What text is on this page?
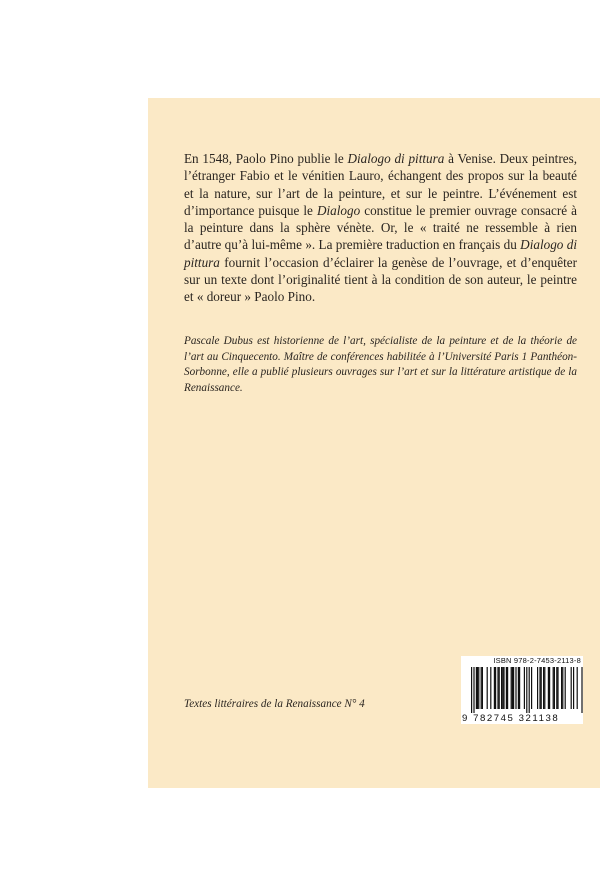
En 1548, Paolo Pino publie le Dialogo di pittura à Venise. Deux peintres, l’étranger Fabio et le vénitien Lauro, échangent des propos sur la beauté et la nature, sur l’art de la peinture, et sur le peintre. L’événement est d’importance puisque le Dialogo constitue le premier ouvrage consacré à la peinture dans la sphère vénète. Or, le « traité ne ressemble à rien d’autre qu’à lui-même ». La première traduction en français du Dialogo di pittura fournit l’occasion d’éclairer la genèse de l’ouvrage, et d’enquêter sur un texte dont l’originalité tient à la condition de son auteur, le peintre et « doreur » Paolo Pino.

Pascale Dubus est historienne de l’art, spécialiste de la peinture et de la théorie de l’art au Cinquecento. Maître de conférences habilitée à l’Université Paris 1 Panthéon-Sorbonne, elle a publié plusieurs ouvrages sur l’art et sur la littérature artistique de la Renaissance.

Textes littéraires de la Renaissance N° 4
ISBN 978-2-7453-2113-8
9 782745 321138
